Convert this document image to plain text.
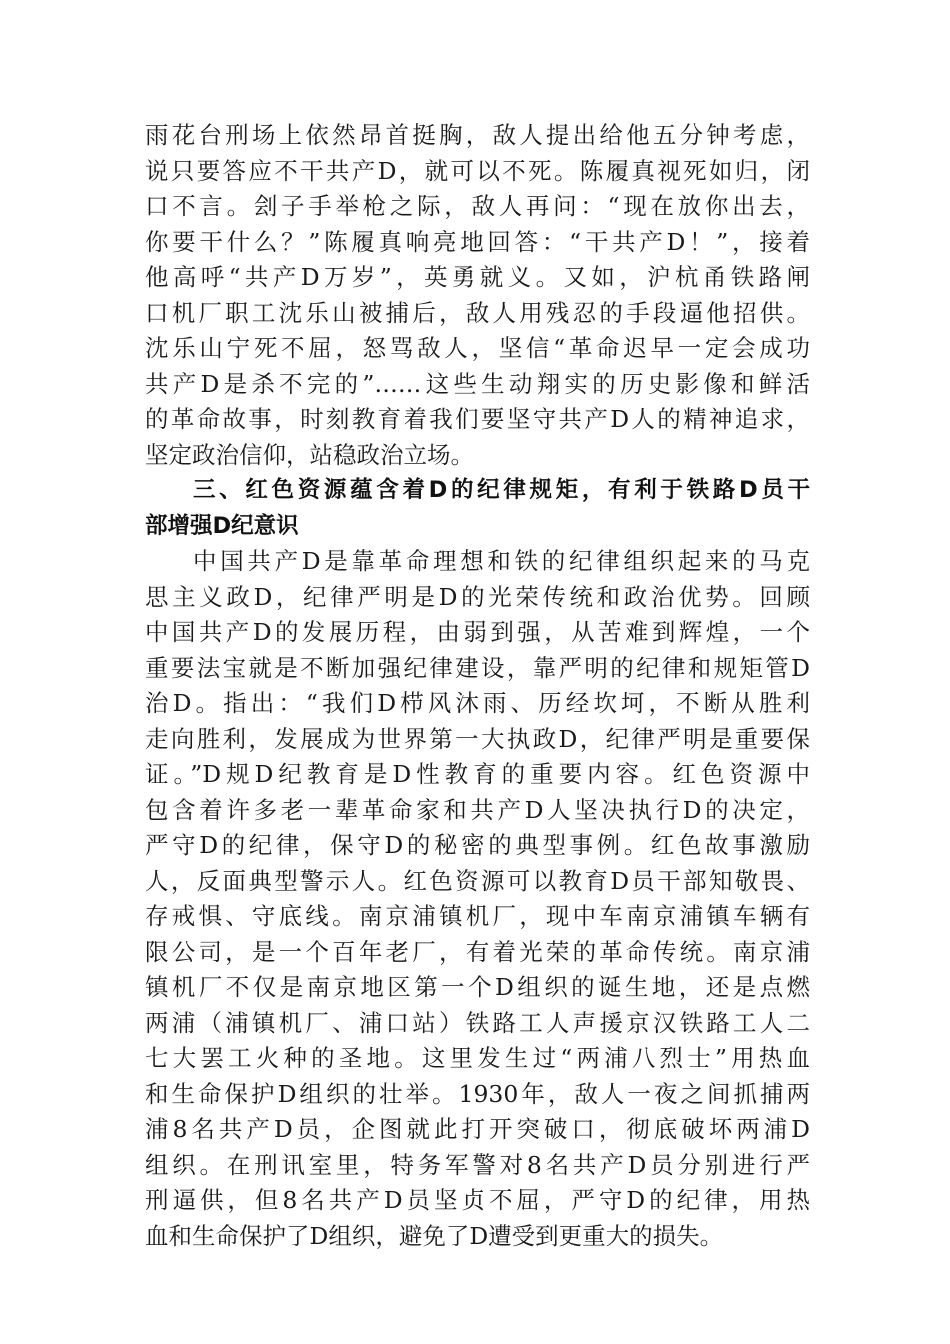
雨花台刑场上依然昂首挺胸，敌人提出给他五分钟考虑，
说只要答应不干共产D，就可以不死。陈履真视死如归，闭
口不言。刽子手举枪之际，敌人再问：“现在放你出去，
你要干什么？”陈履真响亮地回答：“干共产D！”，接着
他高呼“共产D万岁”，英勇就义。又如，沪杭甬铁路闸
口机厂职工沈乐山被捕后，敌人用残忍的手段逼他招供。
沈乐山宁死不屈，怒骂敌人，坚信“革命迟早一定会成功
共产D是杀不完的”……这些生动翔实的历史影像和鲜活
的革命故事，时刻教育着我们要坚守共产D人的精神追求，
坚定政治信仰，站稳政治立场。
三、红色资源蕴含着D的纪律规矩，有利于铁路D员干
部增强D纪意识
中国共产D是靠革命理想和铁的纪律组织起来的马克
思主义政D，纪律严明是D的光荣传统和政治优势。回顾
中国共产D的发展历程，由弱到强，从苦难到辉煌，一个
重要法宝就是不断加强纪律建设，靠严明的纪律和规矩管D
治D。指出：“我们D栉风沐雨、历经坎坷，不断从胜利
走向胜利，发展成为世界第一大执政D，纪律严明是重要保
证。”D规D纪教育是D性教育的重要内容。红色资源中
包含着许多老一辈革命家和共产D人坚决执行D的决定，
严守D的纪律，保守D的秘密的典型事例。红色故事激励
人，反面典型警示人。红色资源可以教育D员干部知敬畏、
存戒惧、守底线。南京浦镇机厂，现中车南京浦镇车辆有
限公司，是一个百年老厂，有着光荣的革命传统。南京浦
镇机厂不仅是南京地区第一个D组织的诞生地，还是点燃
两浦（浦镇机厂、浦口站）铁路工人声援京汉铁路工人二
七大罢工火种的圣地。这里发生过“两浦八烈士”用热血
和生命保护D组织的壮举。1930年，敌人一夜之间抓捕两
浦8名共产D员，企图就此打开突破口，彻底破坏两浦D
组织。在刑讯室里，特务军警对8名共产D员分别进行严
刑逼供，但8名共产D员坚贞不屈，严守D的纪律，用热
血和生命保护了D组织，避免了D遭受到更重大的损失。
